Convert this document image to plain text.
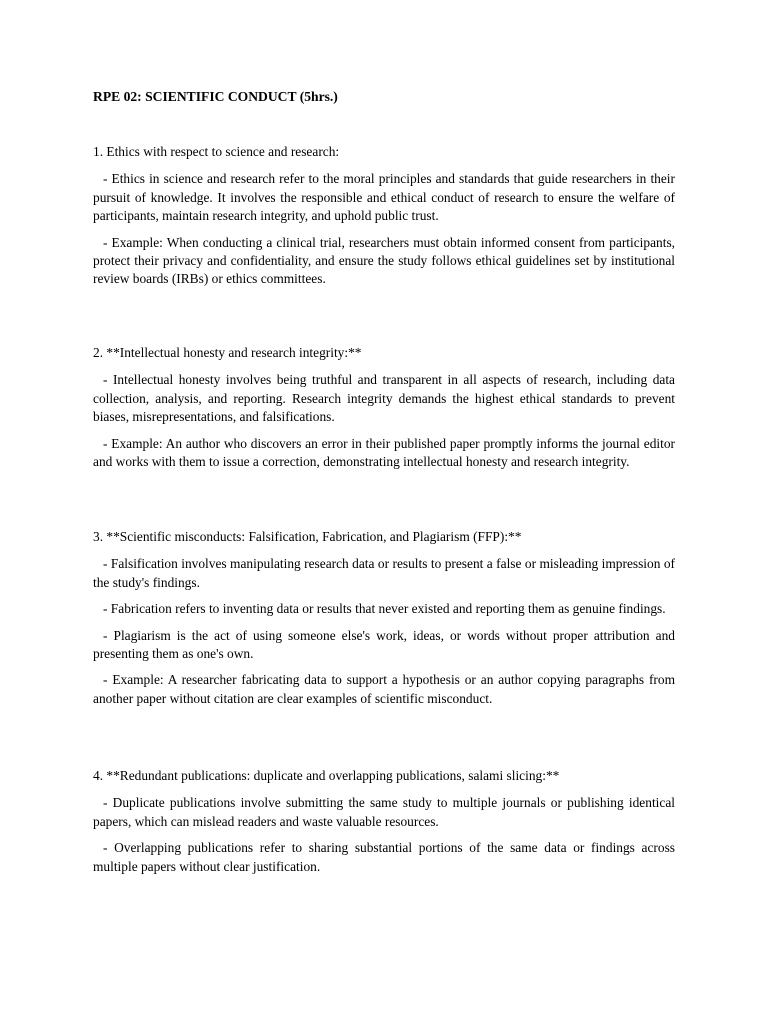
RPE 02: SCIENTIFIC CONDUCT (5hrs.)

1. Ethics with respect to science and research:

- Ethics in science and research refer to the moral principles and standards that guide researchers in their pursuit of knowledge. It involves the responsible and ethical conduct of research to ensure the welfare of participants, maintain research integrity, and uphold public trust.

- Example: When conducting a clinical trial, researchers must obtain informed consent from participants, protect their privacy and confidentiality, and ensure the study follows ethical guidelines set by institutional review boards (IRBs) or ethics committees.

2. **Intellectual honesty and research integrity:**

- Intellectual honesty involves being truthful and transparent in all aspects of research, including data collection, analysis, and reporting. Research integrity demands the highest ethical standards to prevent biases, misrepresentations, and falsifications.

- Example: An author who discovers an error in their published paper promptly informs the journal editor and works with them to issue a correction, demonstrating intellectual honesty and research integrity.

3. **Scientific misconducts: Falsification, Fabrication, and Plagiarism (FFP):**

- Falsification involves manipulating research data or results to present a false or misleading impression of the study's findings.

- Fabrication refers to inventing data or results that never existed and reporting them as genuine findings.

- Plagiarism is the act of using someone else's work, ideas, or words without proper attribution and presenting them as one's own.

- Example: A researcher fabricating data to support a hypothesis or an author copying paragraphs from another paper without citation are clear examples of scientific misconduct.

4. **Redundant publications: duplicate and overlapping publications, salami slicing:**

- Duplicate publications involve submitting the same study to multiple journals or publishing identical papers, which can mislead readers and waste valuable resources.

- Overlapping publications refer to sharing substantial portions of the same data or findings across multiple papers without clear justification.
